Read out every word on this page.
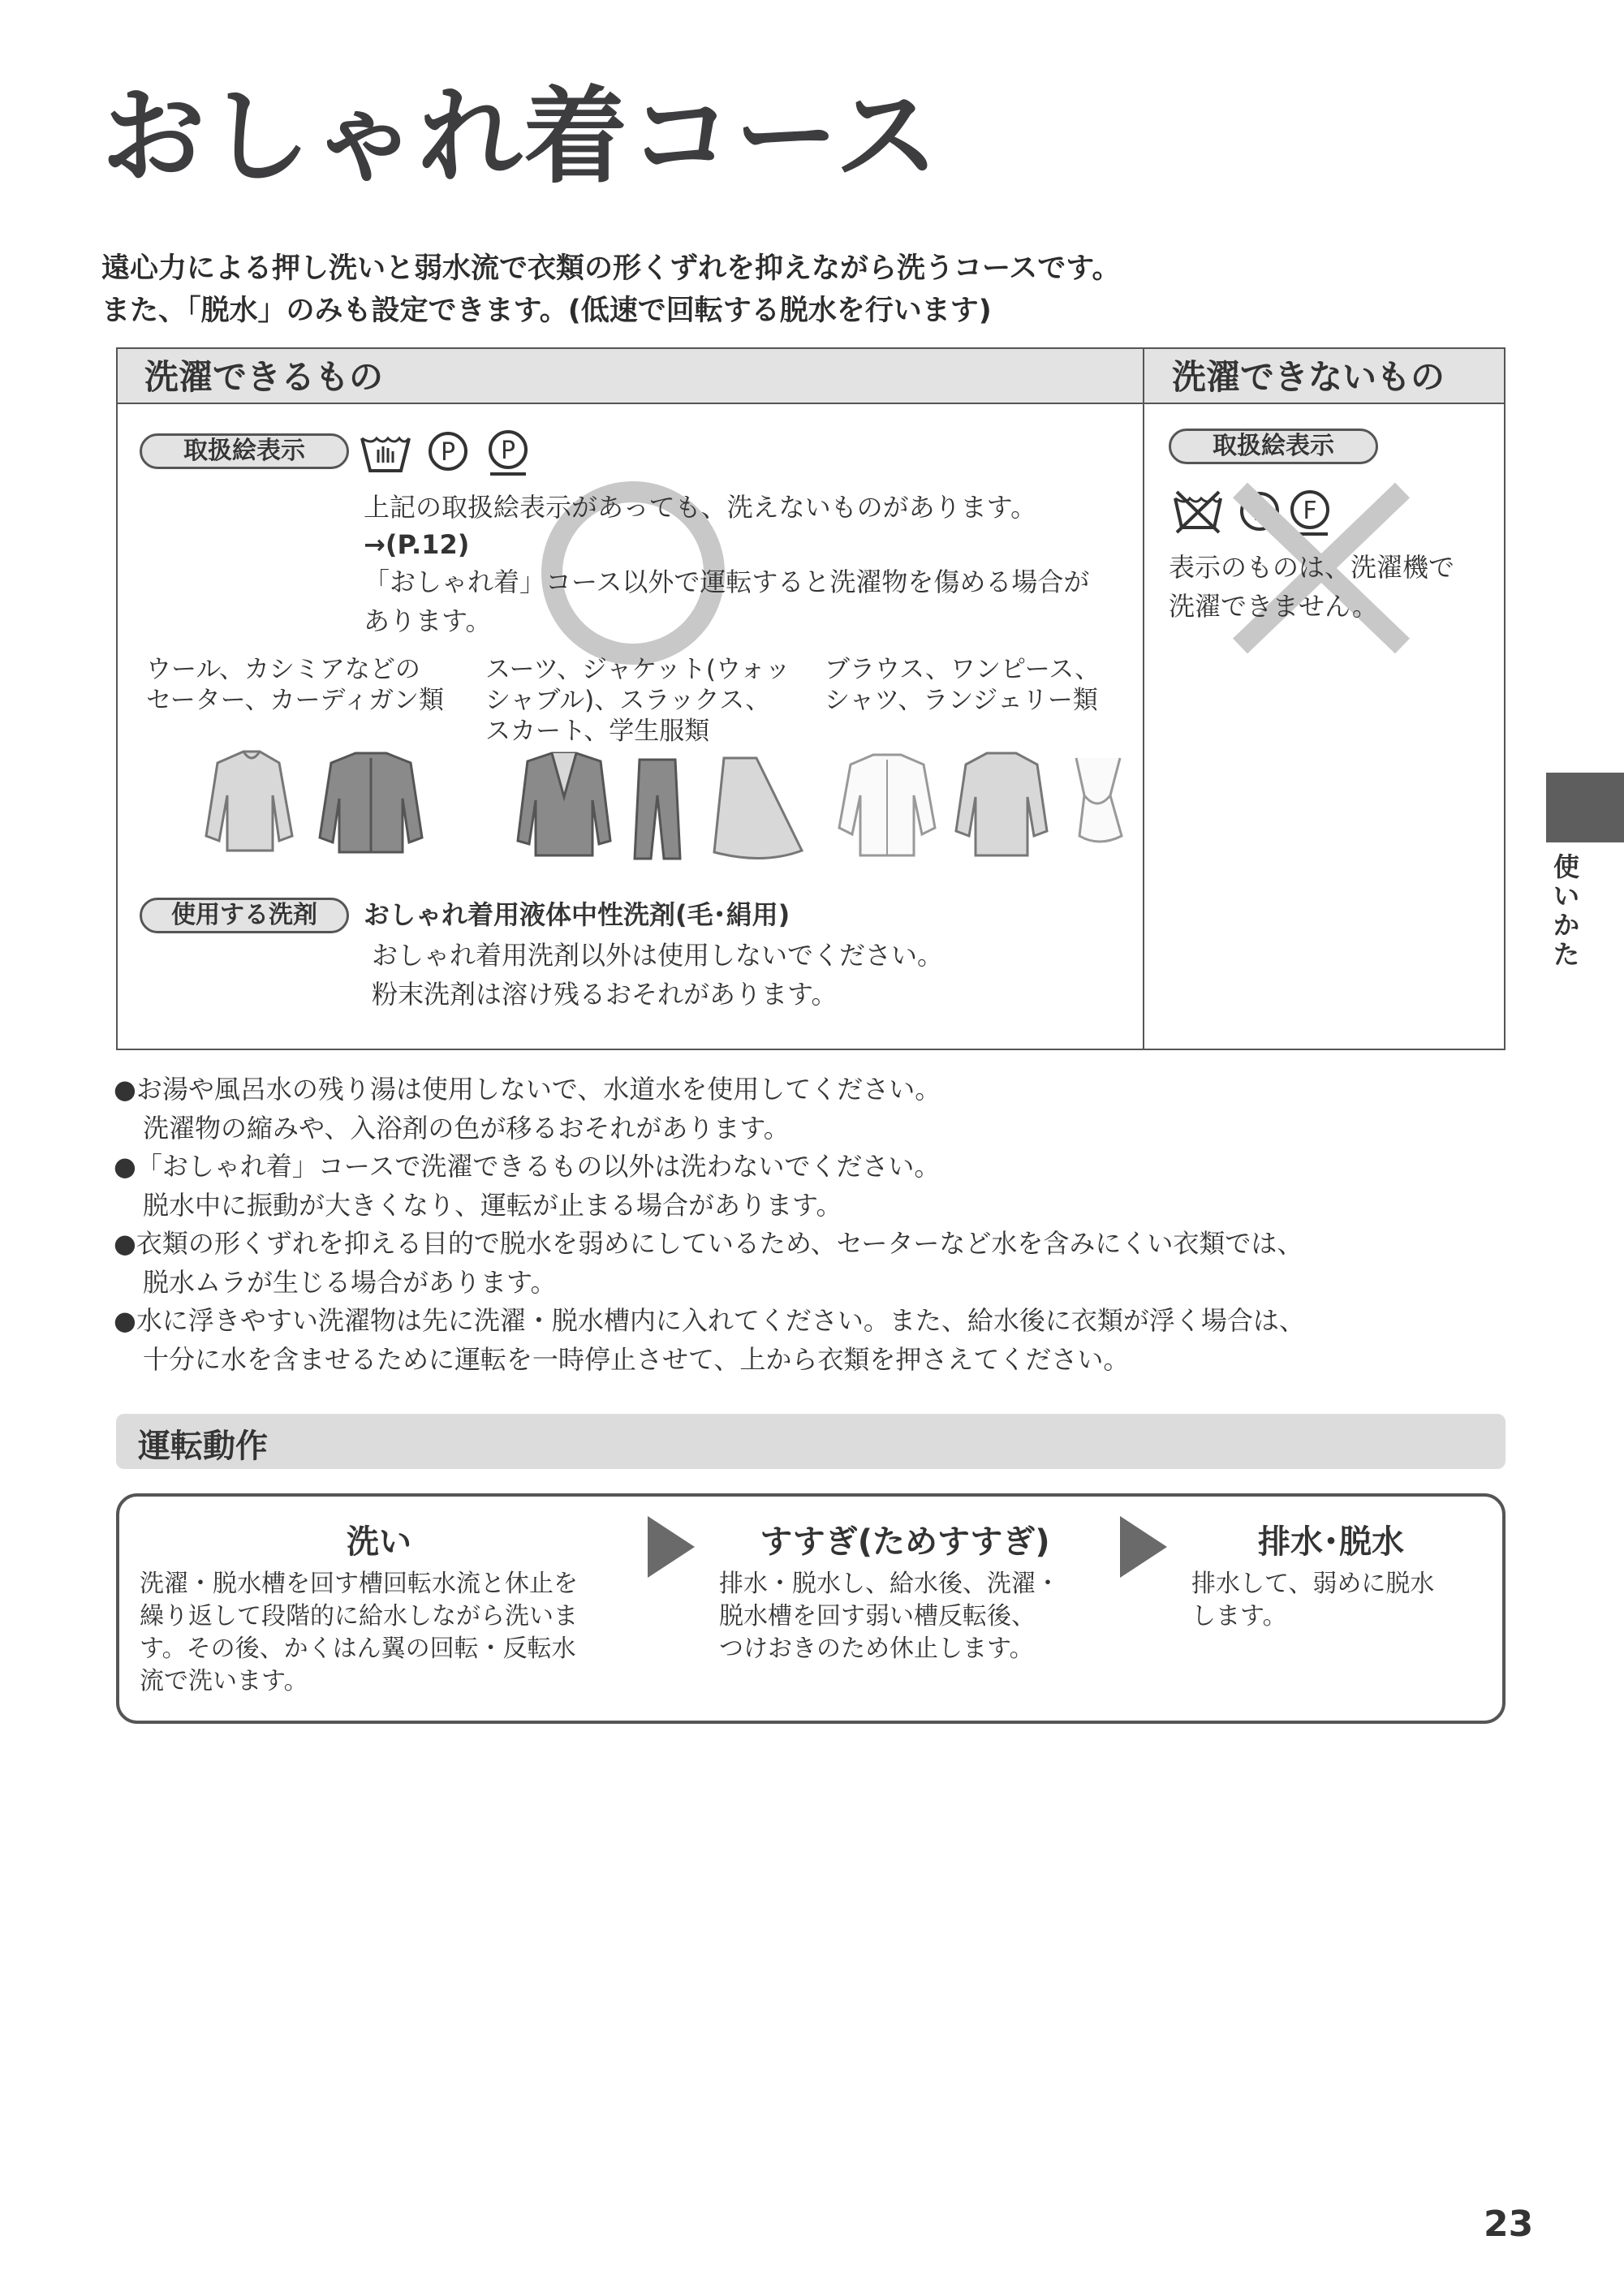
おしゃれ着コース
遠心力による押し洗いと弱水流で衣類の形くずれを抑えながら洗うコースです。
また、「脱水」のみも設定できます。(低速で回転する脱水を行います)
洗濯できるもの	洗濯できないもの
取扱絵表示	P P
上記の取扱絵表示があっても、洗えないものがあります。
→(P.12)
「おしゃれ着」コース以外で運転すると洗濯物を傷める場合が
あります。
ウール、カシミアなどの
セーター、カーディガン類
スーツ、ジャケット(ウォッ
シャブル)、スラックス、
スカート、学生服類
ブラウス、ワンピース、
シャツ、ランジェリー類
使用する洗剤	おしゃれ着用液体中性洗剤(毛･絹用)
おしゃれ着用洗剤以外は使用しないでください。
粉末洗剤は溶け残るおそれがあります。
取扱絵表示
F
表示のものは、洗濯機で
洗濯できません。
●お湯や風呂水の残り湯は使用しないで、水道水を使用してください。
洗濯物の縮みや、入浴剤の色が移るおそれがあります。
●「おしゃれ着」コースで洗濯できるもの以外は洗わないでください。
脱水中に振動が大きくなり、運転が止まる場合があります。
●衣類の形くずれを抑える目的で脱水を弱めにしているため、セーターなど水を含みにくい衣類では、
脱水ムラが生じる場合があります。
●水に浮きやすい洗濯物は先に洗濯・脱水槽内に入れてください。また、給水後に衣類が浮く場合は、
十分に水を含ませるために運転を一時停止させて、上から衣類を押さえてください。
運転動作
洗い
洗濯・脱水槽を回す槽回転水流と休止を
繰り返して段階的に給水しながら洗いま
す。その後、かくはん翼の回転・反転水
流で洗います。
すすぎ(ためすすぎ)
排水・脱水し、給水後、洗濯・
脱水槽を回す弱い槽反転後、
つけおきのため休止します。
排水･脱水
排水して、弱めに脱水
します。
使
い
か
た
23
